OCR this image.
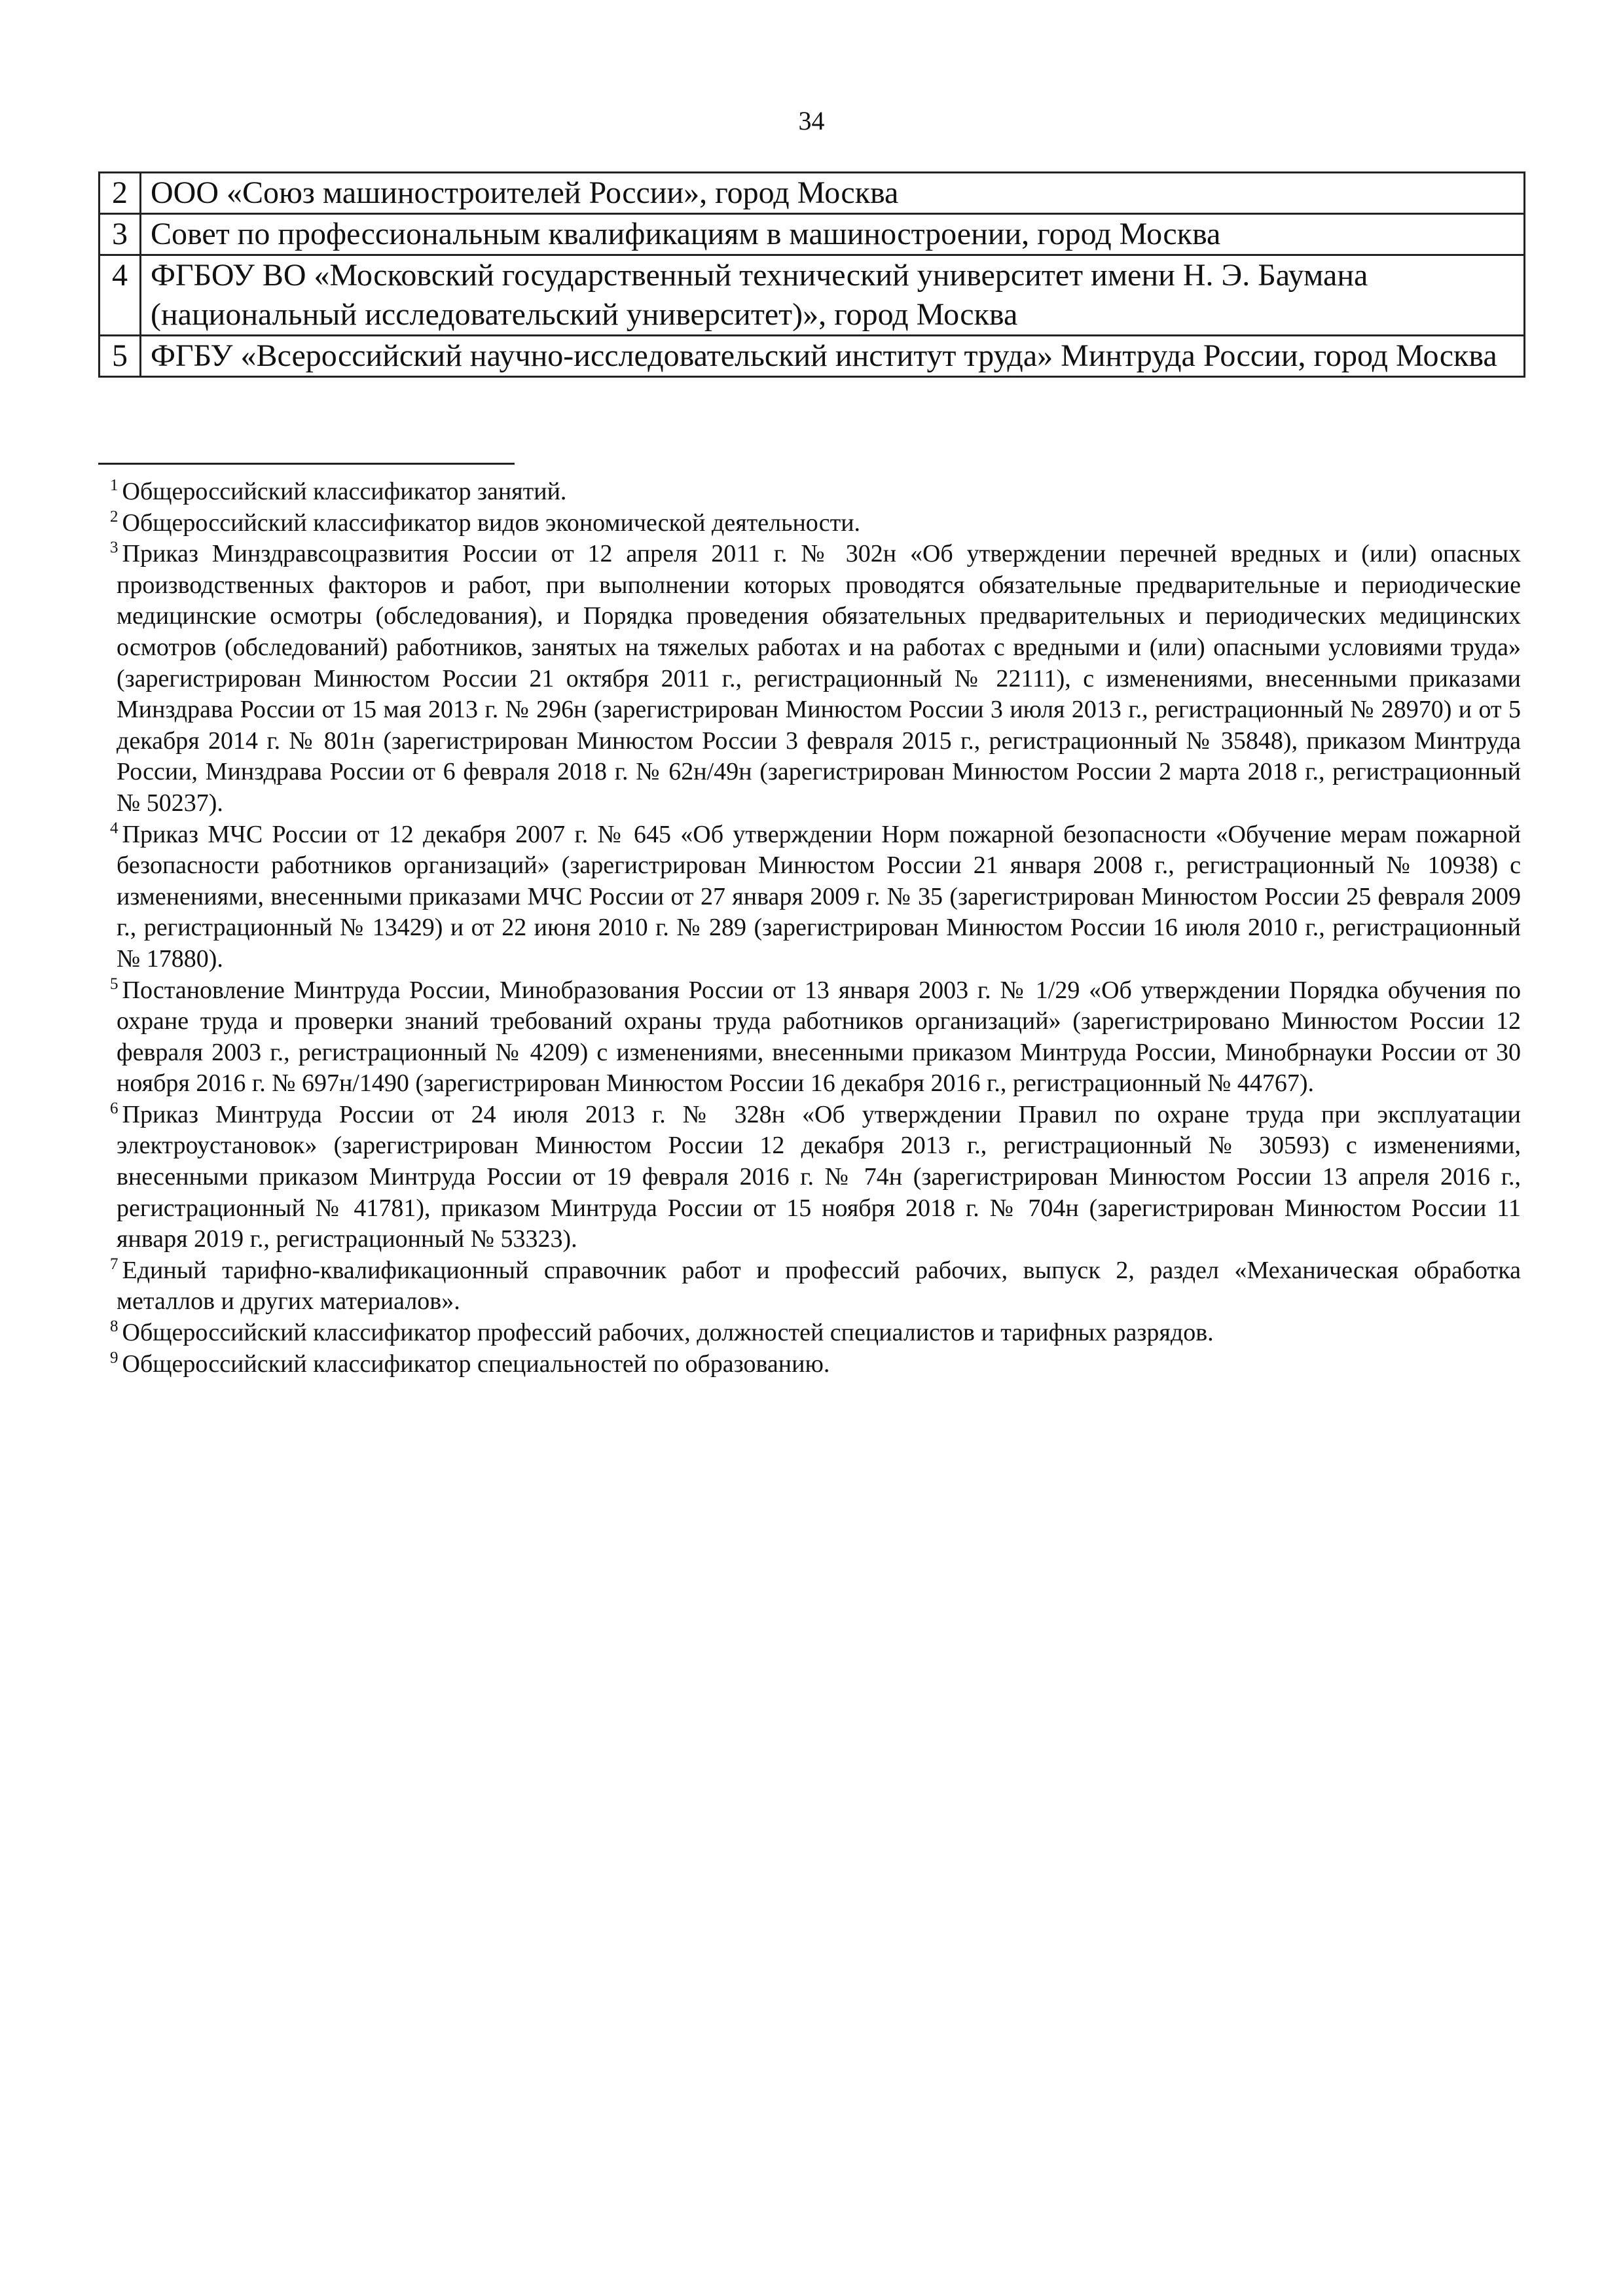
34
2	ООО «Союз машиностроителей России», город Москва
3	Совет по профессиональным квалификациям в машиностроении, город Москва
4	ФГБОУ ВО «Московский государственный технический университет имени Н. Э. Баумана (национальный исследовательский университет)», город Москва
5	ФГБУ «Всероссийский научно-исследовательский институт труда» Минтруда России, город Москва

$^1$ Общероссийский классификатор занятий.

$^2$ Общероссийский классификатор видов экономической деятельности.

$^3$ Приказ Минздравсоцразвития России от 12 апреля 2011 г. № 302н «Об утверждении перечней вредных и (или) опасных производственных факторов и работ, при выполнении которых проводятся обязательные предварительные и периодические медицинские осмотры (обследования), и Порядка проведения обязательных предварительных и периодических медицинских осмотров (обследований) работников, занятых на тяжелых работах и на работах с вредными и (или) опасными условиями труда» (зарегистрирован Минюстом России 21 октября 2011 г., регистрационный № 22111), с изменениями, внесенными приказами Минздрава России от 15 мая 2013 г. № 296н (зарегистрирован Минюстом России 3 июля 2013 г., регистрационный № 28970) и от 5 декабря 2014 г. № 801н (зарегистрирован Минюстом России 3 февраля 2015 г., регистрационный № 35848), приказом Минтруда России, Минздрава России от 6 февраля 2018 г. № 62н/49н (зарегистрирован Минюстом России 2 марта 2018 г., регистрационный № 50237).

$^4$ Приказ МЧС России от 12 декабря 2007 г. № 645 «Об утверждении Норм пожарной безопасности «Обучение мерам пожарной безопасности работников организаций» (зарегистрирован Минюстом России 21 января 2008 г., регистрационный № 10938) с изменениями, внесенными приказами МЧС России от 27 января 2009 г. № 35 (зарегистрирован Минюстом России 25 февраля 2009 г., регистрационный № 13429) и от 22 июня 2010 г. № 289 (зарегистрирован Минюстом России 16 июля 2010 г., регистрационный № 17880).

$^5$ Постановление Минтруда России, Минобразования России от 13 января 2003 г. № 1/29 «Об утверждении Порядка обучения по охране труда и проверки знаний требований охраны труда работников организаций» (зарегистрировано Минюстом России 12 февраля 2003 г., регистрационный № 4209) с изменениями, внесенными приказом Минтруда России, Минобрнауки России от 30 ноября 2016 г. № 697н/1490 (зарегистрирован Минюстом России 16 декабря 2016 г., регистрационный № 44767).

$^6$ Приказ Минтруда России от 24 июля 2013 г. № 328н «Об утверждении Правил по охране труда при эксплуатации электроустановок» (зарегистрирован Минюстом России 12 декабря 2013 г., регистрационный № 30593) с изменениями, внесенными приказом Минтруда России от 19 февраля 2016 г. № 74н (зарегистрирован Минюстом России 13 апреля 2016 г., регистрационный № 41781), приказом Минтруда России от 15 ноября 2018 г. № 704н (зарегистрирован Минюстом России 11 января 2019 г., регистрационный № 53323).

$^7$ Единый тарифно-квалификационный справочник работ и профессий рабочих, выпуск 2, раздел «Механическая обработка металлов и других материалов».

$^8$ Общероссийский классификатор профессий рабочих, должностей специалистов и тарифных разрядов.

$^9$ Общероссийский классификатор специальностей по образованию.
